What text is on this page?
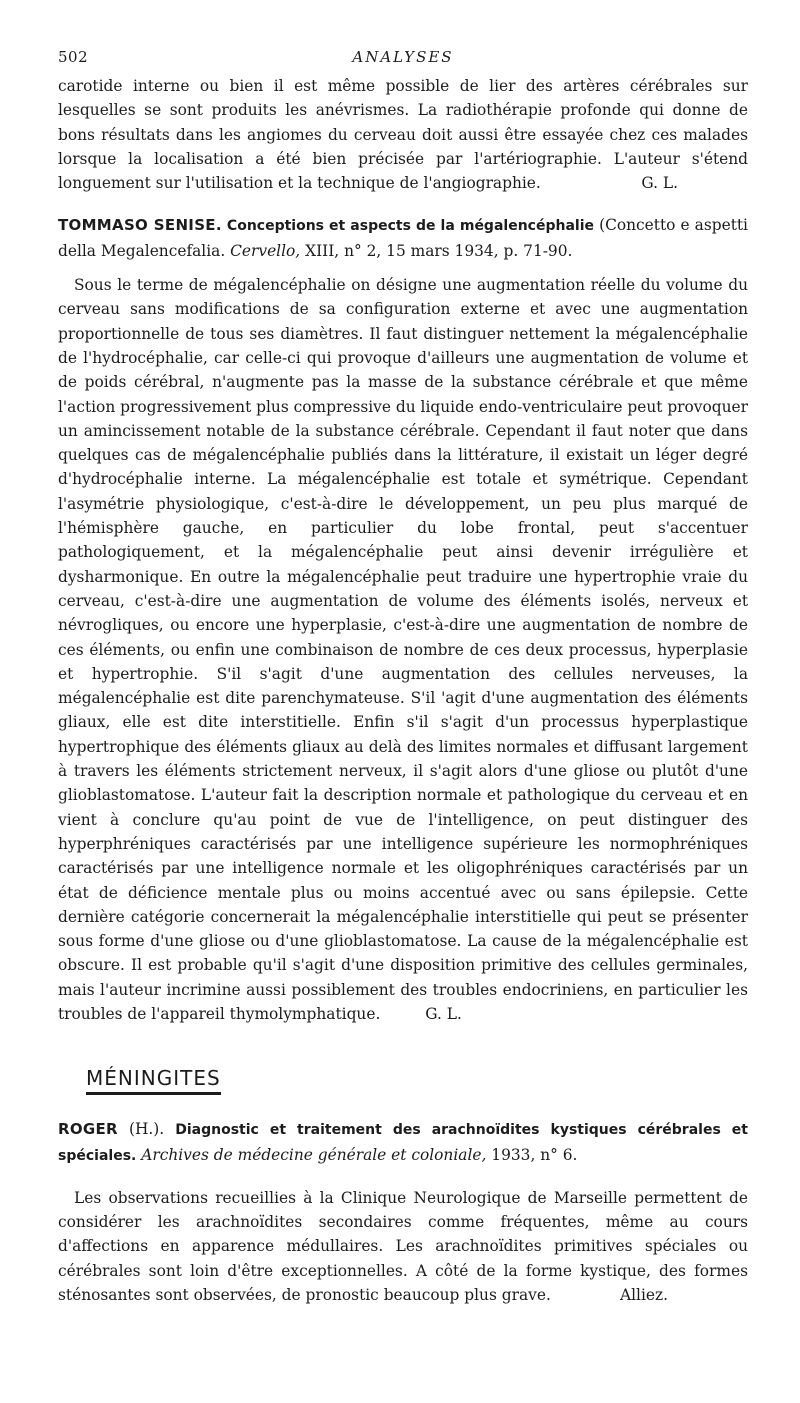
502	ANALYSES

carotide interne ou bien il est même possible de lier des artères cérébrales sur lesquelles se sont produits les anévrismes. La radiothérapie profonde qui donne de bons résultats dans les angiomes du cerveau doit aussi être essayée chez ces malades lorsque la localisation a été bien précisée par l'artériographie. L'auteur s'étend longuement sur l'utilisation et la technique de l'angiographie.	G. L.

TOMMASO SENISE. Conceptions et aspects de la mégalencéphalie (Concetto e aspetti della Megalencefalia. Cervello, XIII, n° 2, 15 mars 1934, p. 71-90.

Sous le terme de mégalencéphalie on désigne une augmentation réelle du volume du cerveau sans modifications de sa configuration externe et avec une augmentation proportionnelle de tous ses diamètres. Il faut distinguer nettement la mégalencéphalie de l'hydrocéphalie, car celle-ci qui provoque d'ailleurs une augmentation de volume et de poids cérébral, n'augmente pas la masse de la substance cérébrale et que même l'action progressivement plus compressive du liquide endo-ventriculaire peut provoquer un amincissement notable de la substance cérébrale. Cependant il faut noter que dans quelques cas de mégalencéphalie publiés dans la littérature, il existait un léger degré d'hydrocéphalie interne. La mégalencéphalie est totale et symétrique. Cependant l'asymétrie physiologique, c'est-à-dire le développement, un peu plus marqué de l'hémisphère gauche, en particulier du lobe frontal, peut s'accentuer pathologiquement, et la mégalencéphalie peut ainsi devenir irrégulière et dysharmonique. En outre la mégalencéphalie peut traduire une hypertrophie vraie du cerveau, c'est-à-dire une augmentation de volume des éléments isolés, nerveux et névrogliques, ou encore une hyperplasie, c'est-à-dire une augmentation de nombre de ces éléments, ou enfin une combinaison de nombre de ces deux processus, hyperplasie et hypertrophie. S'il s'agit d'une augmentation des cellules nerveuses, la mégalencéphalie est dite parenchymateuse. S'il 'agit d'une augmentation des éléments gliaux, elle est dite interstitielle. Enfin s'il s'agit d'un processus hyperplastique hypertrophique des éléments gliaux au delà des limites normales et diffusant largement à travers les éléments strictement nerveux, il s'agit alors d'une gliose ou plutôt d'une glioblastomatose. L'auteur fait la description normale et pathologique du cerveau et en vient à conclure qu'au point de vue de l'intelligence, on peut distinguer des hyperphréniques caractérisés par une intelligence supérieure les normophréniques caractérisés par une intelligence normale et les oligophréniques caractérisés par un état de déficience mentale plus ou moins accentué avec ou sans épilepsie. Cette dernière catégorie concernerait la mégalencéphalie interstitielle qui peut se présenter sous forme d'une gliose ou d'une glioblastomatose. La cause de la mégalencéphalie est obscure. Il est probable qu'il s'agit d'une disposition primitive des cellules germinales, mais l'auteur incrimine aussi possiblement des troubles endocriniens, en particulier les troubles de l'appareil thymolymphatique.	G. L.

MÉNINGITES
ROGER (H.). Diagnostic et traitement des arachnoïdites kystiques cérébrales et spéciales. Archives de médecine générale et coloniale, 1933, n° 6.

Les observations recueillies à la Clinique Neurologique de Marseille permettent de considérer les arachnoïdites secondaires comme fréquentes, même au cours d'affections en apparence médullaires. Les arachnoïdites primitives spéciales ou cérébrales sont loin d'être exceptionnelles. A côté de la forme kystique, des formes sténosantes sont observées, de pronostic beaucoup plus grave.	Alliez.
